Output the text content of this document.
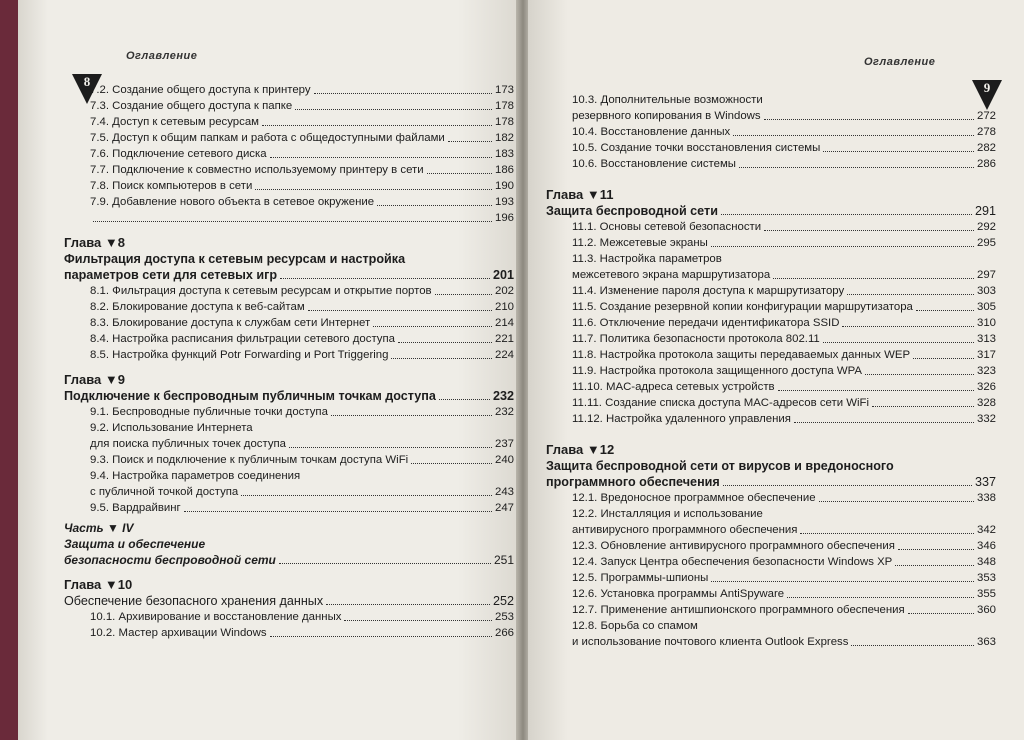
8
Оглавление
7.2. Создание общего доступа к принтеру	173
7.3. Создание общего доступа к папке	178
7.4. Доступ к сетевым ресурсам	178
7.5. Доступ к общим папкам и работа с общедоступными файлами	182
7.6. Подключение сетевого диска	183
7.7. Подключение к совместно используемому принтеру в сети	186
7.8. Поиск компьютеров в сети	190
7.9. Добавление нового объекта в сетевое окружение	193
196
Глава ▼8
Фильтрация доступа к сетевым ресурсам и настройка
параметров сети для сетевых игр	201
8.1. Фильтрация доступа к сетевым ресурсам и открытие портов	202
8.2. Блокирование доступа к веб-сайтам	210
8.3. Блокирование доступа к службам сети Интернет	214
8.4. Настройка расписания фильтрации сетевого доступа	221
8.5. Настройка функций Potr Forwarding и Port Triggering	224
Глава ▼9
Подключение к беспроводным публичным точкам доступа	232
9.1. Беспроводные публичные точки доступа	232
9.2. Использование Интернета
для поиска публичных точек доступа	237
9.3. Поиск и подключение к публичным точкам доступа WiFi	240
9.4. Настройка параметров соединения
с публичной точкой доступа	243
9.5. Вардрайвинг	247
Часть ▼ IV
Защита и обеспечение
безопасности беспроводной сети	251
Глава ▼10
Обеспечение безопасного хранения данных	252
10.1. Архивирование и восстановление данных	253
10.2. Мастер архивации Windows	266
Оглавление
9
10.3. Дополнительные возможности
резервного копирования в Windows	272
10.4. Восстановление данных	278
10.5. Создание точки восстановления системы	282
10.6. Восстановление системы	286
Глава ▼11
Защита беспроводной сети	291
11.1. Основы сетевой безопасности	292
11.2. Межсетевые экраны	295
11.3. Настройка параметров
межсетевого экрана маршрутизатора	297
11.4. Изменение пароля доступа к маршрутизатору	303
11.5. Создание резервной копии конфигурации маршрутизатора	305
11.6. Отключение передачи идентификатора SSID	310
11.7. Политика безопасности протокола 802.11	313
11.8. Настройка протокола защиты передаваемых данных WEP	317
11.9. Настройка протокола защищенного доступа WPA	323
11.10. MAC-адреса сетевых устройств	326
11.11. Создание списка доступа MAC-адресов сети WiFi	328
11.12. Настройка удаленного управления	332
Глава ▼12
Защита беспроводной сети от вирусов и вредоносного
программного обеспечения	337
12.1. Вредоносное программное обеспечение	338
12.2. Инсталляция и использование
антивирусного программного обеспечения	342
12.3. Обновление антивирусного программного обеспечения	346
12.4. Запуск Центра обеспечения безопасности Windows XP	348
12.5. Программы-шпионы	353
12.6. Установка программы AntiSpyware	355
12.7. Применение антишпионского программного обеспечения	360
12.8. Борьба со спамом
и использование почтового клиента Outlook Express	363
